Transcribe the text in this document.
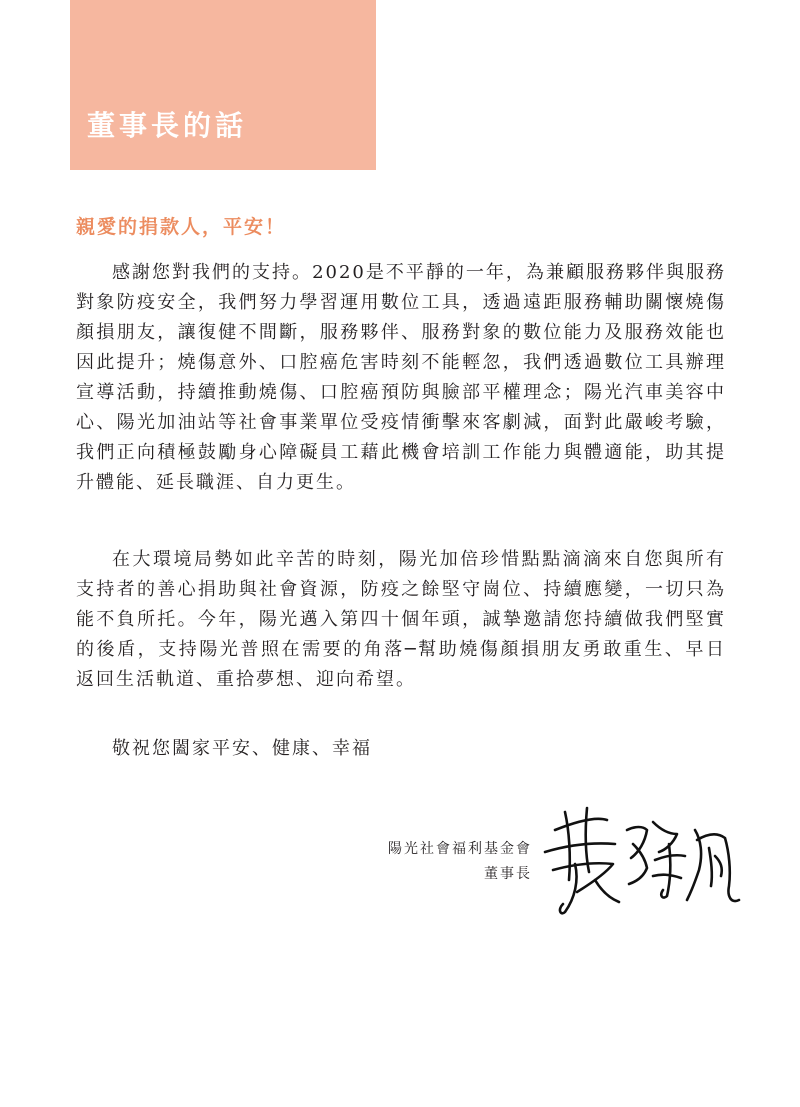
董事長的話
親愛的捐款人，平安！

感謝您對我們的支持。2020是不平靜的一年，為兼顧服務夥伴與服務對象防疫安全，我們努力學習運用數位工具，透過遠距服務輔助關懷燒傷顏損朋友，讓復健不間斷，服務夥伴、服務對象的數位能力及服務效能也因此提升；燒傷意外、口腔癌危害時刻不能輕忽，我們透過數位工具辦理宣導活動，持續推動燒傷、口腔癌預防與臉部平權理念；陽光汽車美容中心、陽光加油站等社會事業單位受疫情衝擊來客劇減，面對此嚴峻考驗，我們正向積極鼓勵身心障礙員工藉此機會培訓工作能力與體適能，助其提升體能、延長職涯、自力更生。

在大環境局勢如此辛苦的時刻，陽光加倍珍惜點點滴滴來自您與所有支持者的善心捐助與社會資源，防疫之餘堅守崗位、持續應變，一切只為能不負所托。今年，陽光邁入第四十個年頭，誠摯邀請您持續做我們堅實的後盾，支持陽光普照在需要的角落─幫助燒傷顏損朋友勇敢重生、早日返回生活軌道、重拾夢想、迎向希望。

敬祝您闔家平安、健康、幸福

陽光社會福利基金會
董事長
